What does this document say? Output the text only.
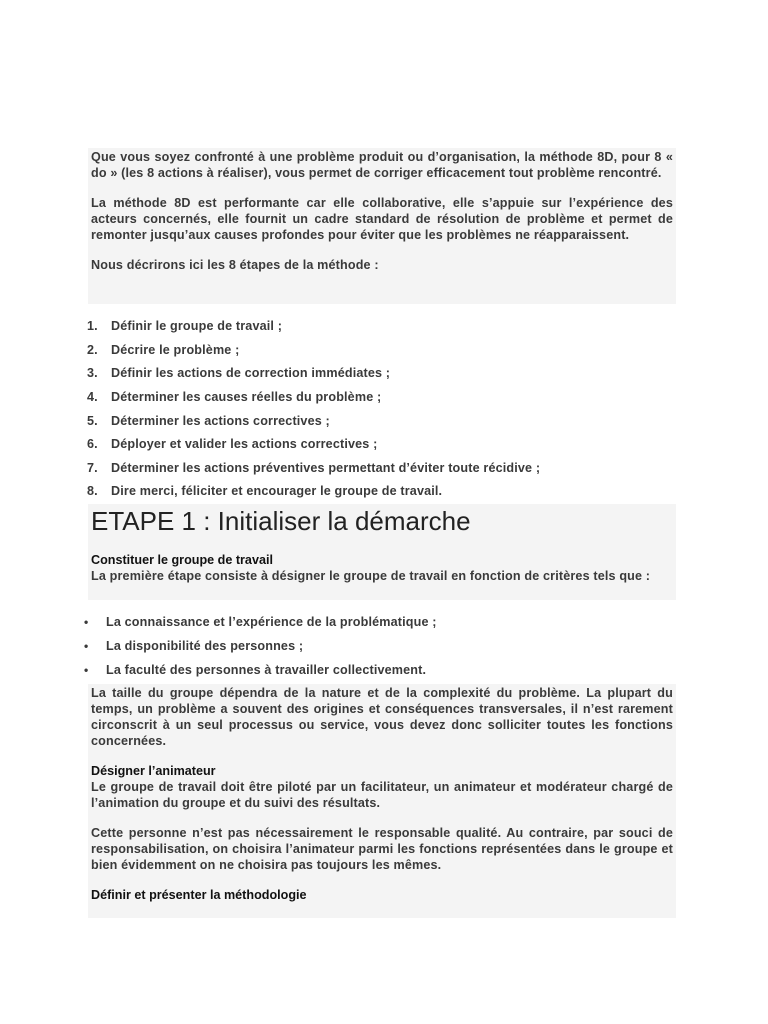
Que vous soyez confronté à une problème produit ou d’organisation, la méthode 8D, pour 8 « do » (les 8 actions à réaliser), vous permet de corriger efficacement tout problème rencontré.

La méthode 8D est performante car elle collaborative, elle s’appuie sur l’expérience des acteurs concernés, elle fournit un cadre standard de résolution de problème et permet de remonter jusqu’aux causes profondes pour éviter que les problèmes ne réapparaissent.

Nous décrirons ici les 8 étapes de la méthode :

1.	Définir le groupe de travail ;
2.	Décrire le problème ;
3.	Définir les actions de correction immédiates ;
4.	Déterminer les causes réelles du problème ;
5.	Déterminer les actions correctives ;
6.	Déployer et valider les actions correctives ;
7.	Déterminer les actions préventives permettant d’éviter toute récidive ;
8.	Dire merci, féliciter et encourager le groupe de travail.
ETAPE 1 : Initialiser la démarche
Constituer le groupe de travail

La première étape consiste à désigner le groupe de travail en fonction de critères tels que :

• La connaissance et l’expérience de la problématique ;
• La disponibilité des personnes ;
• La faculté des personnes à travailler collectivement.

La taille du groupe dépendra de la nature et de la complexité du problème. La plupart du temps, un problème a souvent des origines et conséquences transversales, il n’est rarement circonscrit à un seul processus ou service, vous devez donc solliciter toutes les fonctions concernées.

Désigner l’animateur

Le groupe de travail doit être piloté par un facilitateur, un animateur et modérateur chargé de l’animation du groupe et du suivi des résultats.

Cette personne n’est pas nécessairement le responsable qualité. Au contraire, par souci de responsabilisation, on choisira l’animateur parmi les fonctions représentées dans le groupe et bien évidemment on ne choisira pas toujours les mêmes.

Définir et présenter la méthodologie
